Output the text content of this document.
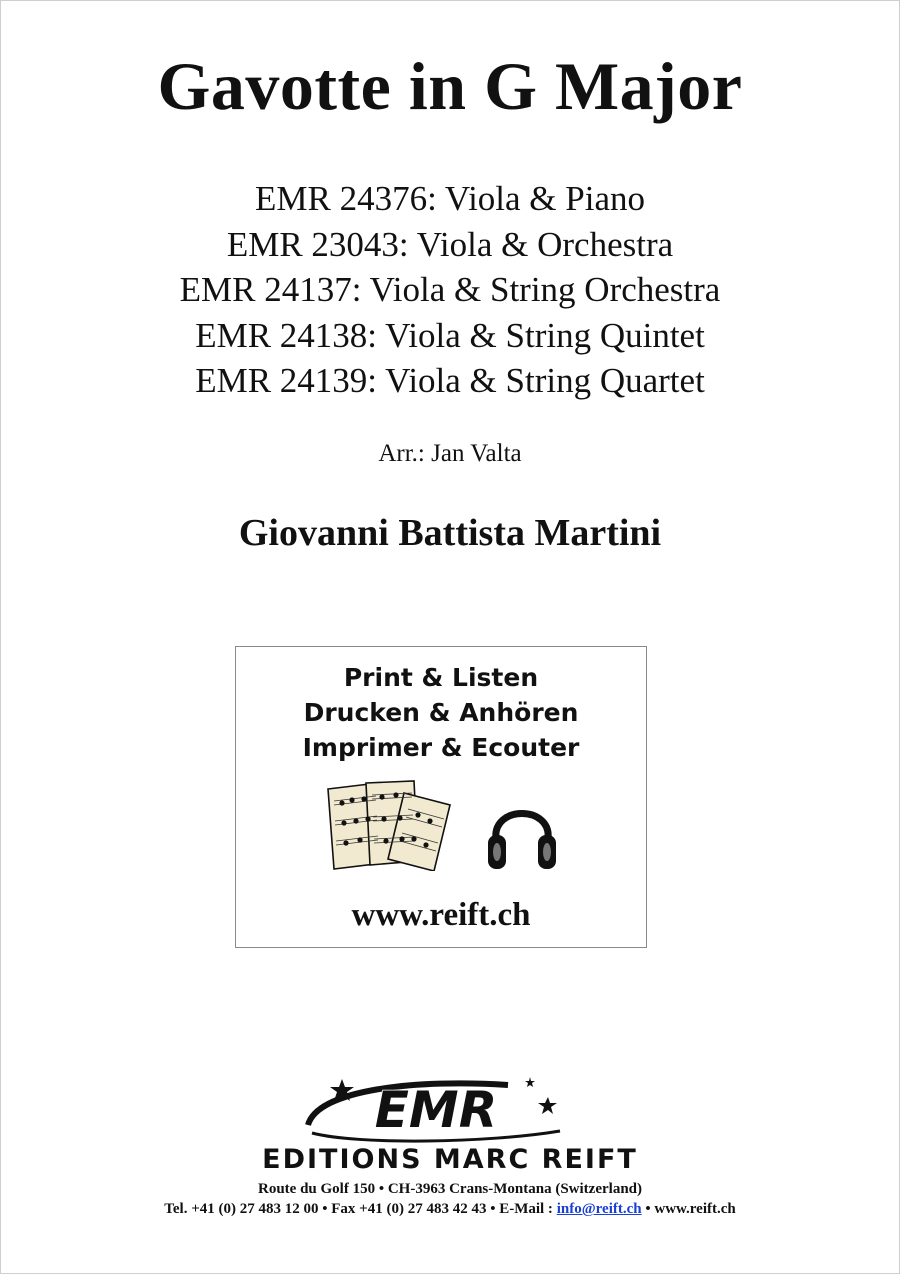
Gavotte in G Major
EMR 24376: Viola & Piano
EMR 23043: Viola & Orchestra
EMR 24137: Viola & String Orchestra
EMR 24138: Viola & String Quintet
EMR 24139: Viola & String Quartet
Arr.: Jan Valta
Giovanni Battista Martini
Print & Listen
Drucken & Anhören
Imprimer & Ecouter
www.reift.ch
EMR
EDITIONS MARC REIFT
Route du Golf 150 • CH-3963 Crans-Montana (Switzerland)
Tel. +41 (0) 27 483 12 00 • Fax +41 (0) 27 483 42 43 • E-Mail : info@reift.ch • www.reift.ch
